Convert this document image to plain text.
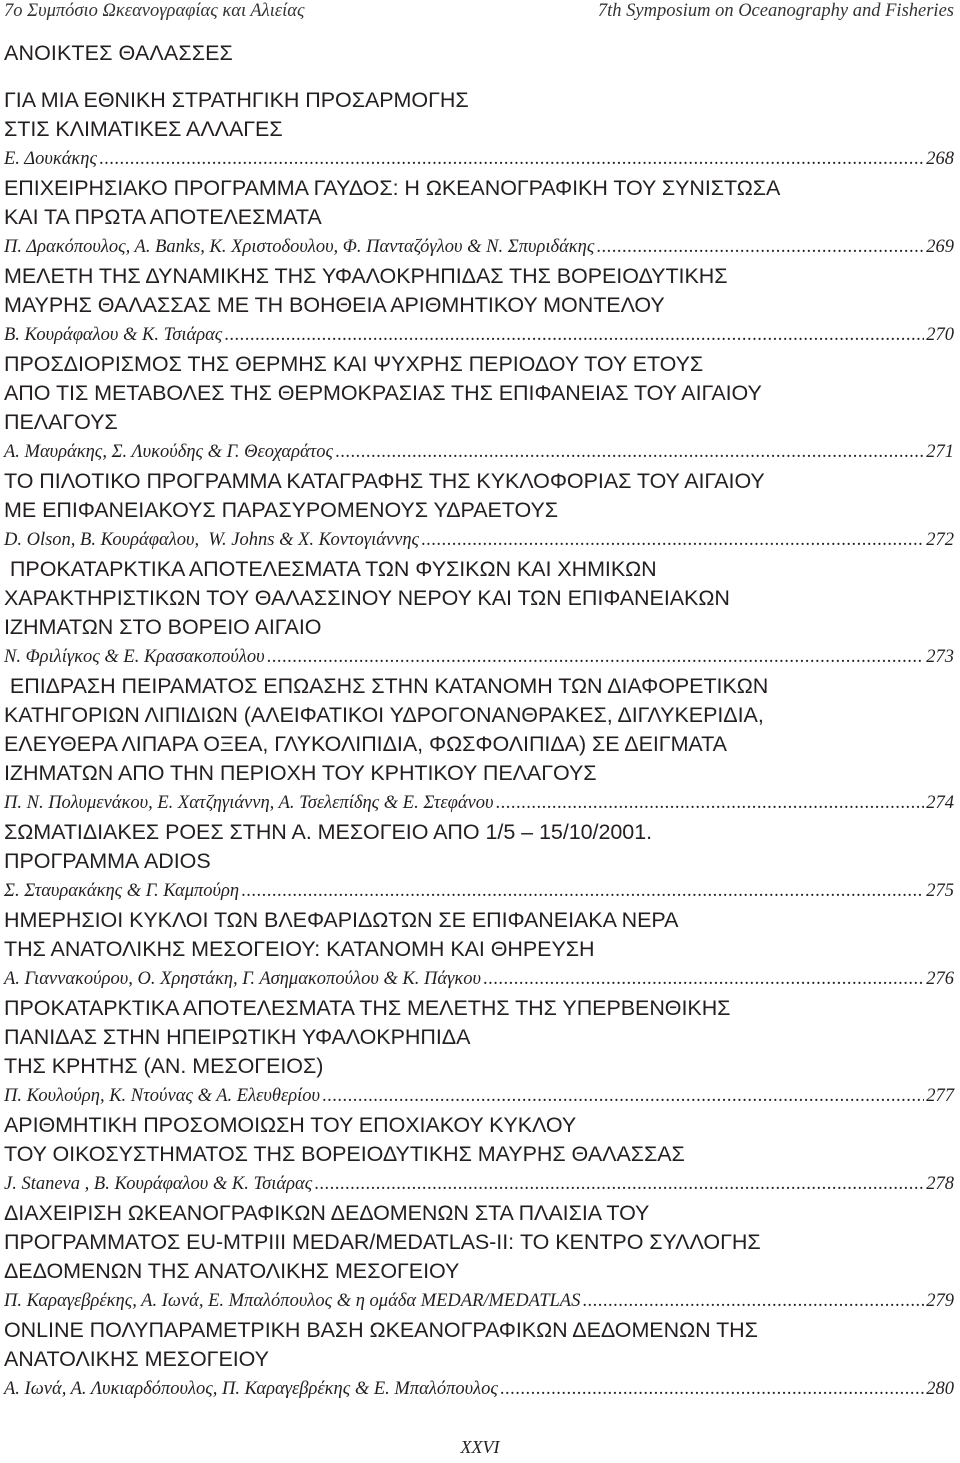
7ο Συμπόσιο Ωκεανογραφίας και Αλιείας	7th Symposium on Oceanography and Fisheries
ΑΝΟΙΚΤΕΣ ΘΑΛΑΣΣΕΣ
ΓΙΑ ΜΙΑ ΕΘΝΙΚΗ ΣΤΡΑΤΗΓΙΚΗ ΠΡΟΣΑΡΜΟΓΗΣ
ΣΤΙΣ ΚΛΙΜΑΤΙΚΕΣ ΑΛΛΑΓΕΣ
Ε. Δουκάκης .....	268
ΕΠΙΧΕΙΡΗΣΙΑΚΟ ΠΡΟΓΡΑΜΜΑ ΓΑΥΔΟΣ: Η ΩΚΕΑΝΟΓΡΑΦΙΚΗ ΤΟΥ ΣΥΝΙΣΤΩΣΑ
ΚΑΙ ΤΑ ΠΡΩΤΑ ΑΠΟΤΕΛΕΣΜΑΤΑ
Π. Δρακόπουλος, Α. Banks, Κ. Χριστοδουλου, Φ. Πανταζόγλου & Ν. Σπυριδάκης .....	269
ΜΕΛΕΤΗ ΤΗΣ ΔΥΝΑΜΙΚΗΣ ΤΗΣ ΥΦΑΛΟΚΡΗΠΙΔΑΣ ΤΗΣ ΒΟΡΕΙΟΔΥΤΙΚΗΣ
ΜΑΥΡΗΣ ΘΑΛΑΣΣΑΣ ΜΕ ΤΗ ΒΟΗΘΕΙΑ ΑΡΙΘΜΗΤΙΚΟΥ ΜΟΝΤΕΛΟΥ
Β. Κουράφαλου & Κ. Τσιάρας .....	270
ΠΡΟΣΔΙΟΡΙΣΜΟΣ ΤΗΣ ΘΕΡΜΗΣ ΚΑΙ ΨΥΧΡΗΣ ΠΕΡΙΟΔΟΥ ΤΟΥ ΕΤΟΥΣ
ΑΠΟ ΤΙΣ ΜΕΤΑΒΟΛΕΣ ΤΗΣ ΘΕΡΜΟΚΡΑΣΙΑΣ ΤΗΣ ΕΠΙΦΑΝΕΙΑΣ ΤΟΥ ΑΙΓΑΙΟΥ
ΠΕΛΑΓΟΥΣ
Α. Μαυράκης, Σ. Λυκούδης & Γ. Θεοχαράτος .....	271
ΤΟ ΠΙΛΟΤΙΚΟ ΠΡΟΓΡΑΜΜΑ ΚΑΤΑΓΡΑΦΗΣ ΤΗΣ ΚΥΚΛΟΦΟΡΙΑΣ ΤΟΥ ΑΙΓΑΙΟΥ
ΜΕ ΕΠΙΦΑΝΕΙΑΚΟΥΣ ΠΑΡΑΣΥΡΟΜΕΝΟΥΣ ΥΔΡΑΕΤΟΥΣ
D. Olson, Β. Κουράφαλου,  W. Johns & Χ. Κοντογιάννης .....	272
ΠΡΟΚΑΤΑΡΚΤΙΚΑ ΑΠΟΤΕΛΕΣΜΑΤΑ ΤΩΝ ΦΥΣΙΚΩΝ ΚΑΙ ΧΗΜΙΚΩΝ
ΧΑΡΑΚΤΗΡΙΣΤΙΚΩΝ ΤΟΥ ΘΑΛΑΣΣΙΝΟΥ ΝΕΡΟΥ ΚΑΙ ΤΩΝ ΕΠΙΦΑΝΕΙΑΚΩΝ
ΙΖΗΜΑΤΩΝ ΣΤΟ ΒΟΡΕΙΟ ΑΙΓΑΙΟ
Ν. Φριλίγκος & Ε. Κρασακοπούλου .....	273
ΕΠΙΔΡΑΣΗ ΠΕΙΡΑΜΑΤΟΣ ΕΠΩΑΣΗΣ ΣΤΗΝ ΚΑΤΑΝΟΜΗ ΤΩΝ ΔΙΑΦΟΡΕΤΙΚΩΝ
ΚΑΤΗΓΟΡΙΩΝ ΛΙΠΙΔΙΩΝ (ΑΛΕΙΦΑΤΙΚΟΙ ΥΔΡΟΓΟΝΑΝΘΡΑΚΕΣ, ΔΙΓΛΥΚΕΡΙΔΙΑ,
ΕΛΕΥΘΕΡΑ ΛΙΠΑΡΑ ΟΞΕΑ, ΓΛΥΚΟΛΙΠΙΔΙΑ, ΦΩΣΦΟΛΙΠΙΔΑ) ΣΕ ΔΕΙΓΜΑΤΑ
ΙΖΗΜΑΤΩΝ ΑΠΟ ΤΗΝ ΠΕΡΙΟΧΗ ΤΟΥ ΚΡΗΤΙΚΟΥ ΠΕΛΑΓΟΥΣ
Π. Ν. Πολυμενάκου, Ε. Χατζηγιάννη, Α. Τσελεπίδης & Ε. Στεφάνου .....	274
ΣΩΜΑΤΙΔΙΑΚΕΣ ΡΟΕΣ ΣΤΗΝ Α. ΜΕΣΟΓΕΙΟ ΑΠΟ 1/5 – 15/10/2001.
ΠΡΟΓΡΑΜΜΑ ADIOS
Σ. Σταυρακάκης & Γ. Καμπούρη .....	275
ΗΜΕΡΗΣΙΟΙ ΚΥΚΛΟΙ ΤΩΝ ΒΛΕΦΑΡΙΔΩΤΩΝ ΣΕ ΕΠΙΦΑΝΕΙΑΚΑ ΝΕΡΑ
ΤΗΣ ΑΝΑΤΟΛΙΚΗΣ ΜΕΣΟΓΕΙΟΥ: ΚΑΤΑΝΟΜΗ ΚΑΙ ΘΗΡΕΥΣΗ
Α. Γιαννακούρου, Ο. Χρηστάκη, Γ. Ασημακοπούλου & Κ. Πάγκου .....	276
ΠΡΟΚΑΤΑΡΚΤΙΚΑ ΑΠΟΤΕΛΕΣΜΑΤΑ ΤΗΣ ΜΕΛΕΤΗΣ ΤΗΣ ΥΠΕΡΒΕΝΘΙΚΗΣ
ΠΑΝΙΔΑΣ ΣΤΗΝ ΗΠΕΙΡΩΤΙΚΗ ΥΦΑΛΟΚΡΗΠΙΔΑ
ΤΗΣ ΚΡΗΤΗΣ (ΑΝ. ΜΕΣΟΓΕΙΟΣ)
Π. Κουλούρη, Κ. Ντούνας & Α. Ελευθερίου .....	277
ΑΡΙΘΜΗΤΙΚΗ ΠΡΟΣΟΜΟΙΩΣΗ ΤΟΥ ΕΠΟΧΙΑΚΟΥ ΚΥΚΛΟΥ
ΤΟΥ ΟΙΚΟΣΥΣΤΗΜΑΤΟΣ ΤΗΣ ΒΟΡΕΙΟΔΥΤΙΚΗΣ ΜΑΥΡΗΣ ΘΑΛΑΣΣΑΣ
J. Staneva , Β. Κουράφαλου & Κ. Τσιάρας .....	278
ΔΙΑΧΕΙΡΙΣΗ ΩΚΕΑΝΟΓΡΑΦΙΚΩΝ ΔΕΔΟΜΕΝΩΝ ΣΤΑ ΠΛΑΙΣΙΑ ΤΟΥ
ΠΡΟΓΡΑΜΜΑΤΟΣ EU-MTPIII MEDAR/MEDATLAS-II: ΤΟ ΚΕΝΤΡΟ ΣΥΛΛΟΓΗΣ
ΔΕΔΟΜΕΝΩΝ ΤΗΣ ΑΝΑΤΟΛΙΚΗΣ ΜΕΣΟΓΕΙΟΥ
Π. Καραγεβρέκης, Α. Ιωνά, Ε. Μπαλόπουλος & η ομάδα MEDAR/MEDATLAS .....	279
ONLINE ΠΟΛΥΠΑΡΑΜΕΤΡΙΚΗ ΒΑΣΗ ΩΚΕΑΝΟΓΡΑΦΙΚΩΝ ΔΕΔΟΜΕΝΩΝ ΤΗΣ
ΑΝΑΤΟΛΙΚΗΣ ΜΕΣΟΓΕΙΟΥ
Α. Ιωνά, Α. Λυκιαρδόπουλος, Π. Καραγεβρέκης & Ε. Μπαλόπουλος .....	280
XXVI
